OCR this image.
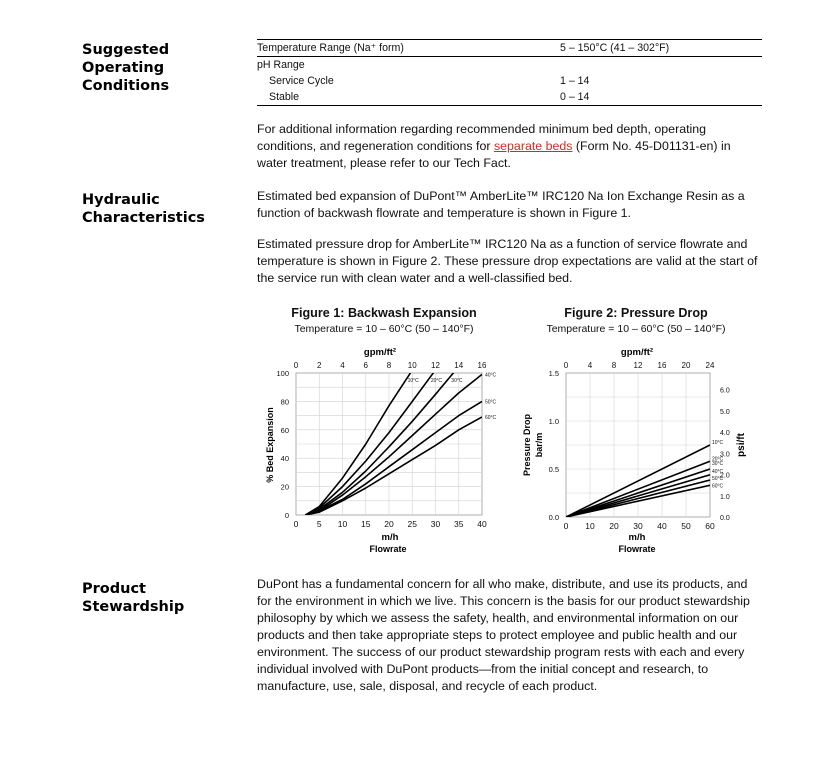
Suggested
Operating
Conditions
Hydraulic
Characteristics
Product
Stewardship
Temperature Range (Na⁺ form)	5 – 150°C (41 – 302°F)
pH Range	
Service Cycle	1 – 14
Stable	0 – 14
For additional information regarding recommended minimum bed depth, operating conditions, and regeneration conditions for separate beds (Form No. 45-D01131-en) in water treatment, please refer to our Tech Fact.
Estimated bed expansion of DuPont™ AmberLite™ IRC120 Na Ion Exchange Resin as a function of backwash flowrate and temperature is shown in Figure 1.
Estimated pressure drop for AmberLite™ IRC120 Na as a function of service flowrate and temperature is shown in Figure 2. These pressure drop expectations are valid at the start of the service run with clean water and a well-classified bed.
DuPont has a fundamental concern for all who make, distribute, and use its products, and for the environment in which we live. This concern is the basis for our product stewardship philosophy by which we assess the safety, health, and environmental information on our products and then take appropriate steps to protect employee and public health and our environment. The success of our product stewardship program rests with each and every individual involved with DuPont products—from the initial concept and research, to manufacture, use, sale, disposal, and recycle of each product.
Figure 1: Backwash Expansion
Temperature = 10 – 60°C (50 – 140°F)
Figure 2: Pressure Drop
Temperature = 10 – 60°C (50 – 140°F)
0 5 10 15 20 25 30 35 40
0
20
40
60
80
100
0 2 4 6 8 10 12 14 16
10°C 20°C 30°C
40°C
50°C
60°C
gpm/ft²
m/h
Flowrate
% Bed Expansion
0 10 20 30 40 50 60
0.0
0.5
1.0
1.5
0 4 8 12 16 20 24
0.0
1.0
2.0
3.0
4.0
5.0
6.0
10°C
20°C
30°C
40°C
50°C
60°C
gpm/ft²
m/h
Flowrate
Pressure Drop bar/m	psi/ft
